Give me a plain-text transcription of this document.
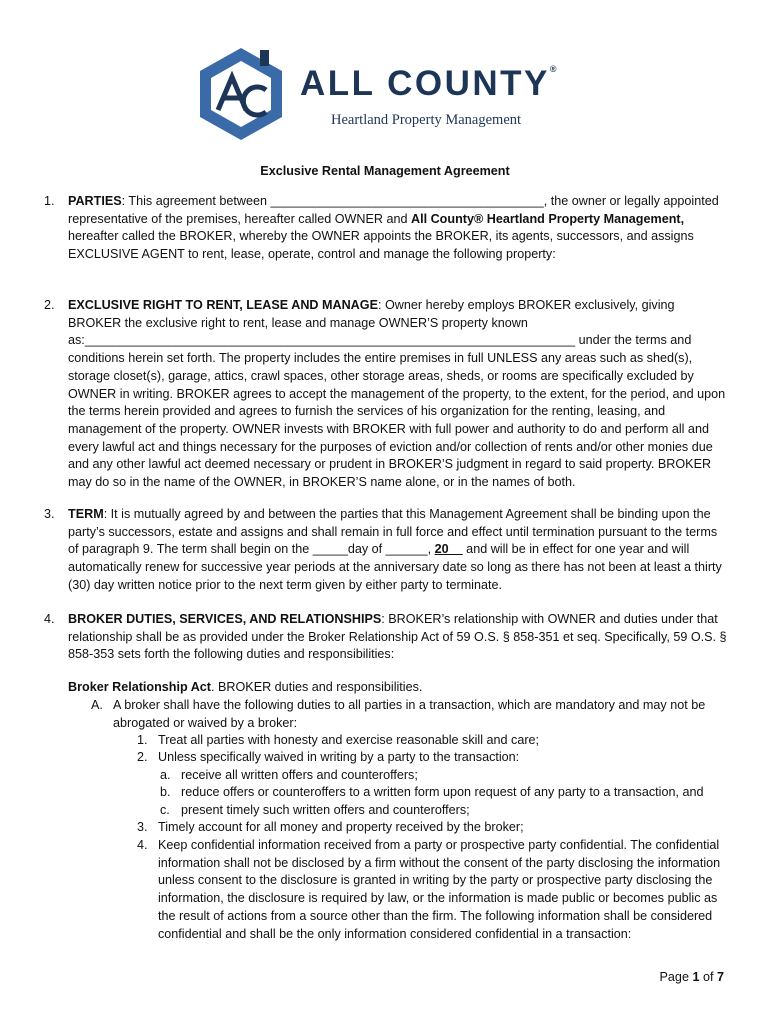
ALL COUNTY®
Heartland Property Management
Exclusive Rental Management Agreement
1. PARTIES: This agreement between _______________________________________, the owner or legally appointed representative of the premises, hereafter called OWNER and All County® Heartland Property Management, hereafter called the BROKER, whereby the OWNER appoints the BROKER, its agents, successors, and assigns EXCLUSIVE AGENT to rent, lease, operate, control and manage the following property:
2. EXCLUSIVE RIGHT TO RENT, LEASE AND MANAGE: Owner hereby employs BROKER exclusively, giving BROKER the exclusive right to rent, lease and manage OWNER’S property known as:______________________________________________________________________ under the terms and conditions herein set forth. The property includes the entire premises in full UNLESS any areas such as shed(s), storage closet(s), garage, attics, crawl spaces, other storage areas, sheds, or rooms are specifically excluded by OWNER in writing. BROKER agrees to accept the management of the property, to the extent, for the period, and upon the terms herein provided and agrees to furnish the services of his organization for the renting, leasing, and management of the property. OWNER invests with BROKER with full power and authority to do and perform all and every lawful act and things necessary for the purposes of eviction and/or collection of rents and/or other monies due and any other lawful act deemed necessary or prudent in BROKER’S judgment in regard to said property. BROKER may do so in the name of the OWNER, in BROKER’S name alone, or in the names of both.
3. TERM: It is mutually agreed by and between the parties that this Management Agreement shall be binding upon the party’s successors, estate and assigns and shall remain in full force and effect until termination pursuant to the terms of paragraph 9. The term shall begin on the _____day of ______, 20__ and will be in effect for one year and will automatically renew for successive year periods at the anniversary date so long as there has not been at least a thirty (30) day written notice prior to the next term given by either party to terminate.
4. BROKER DUTIES, SERVICES, AND RELATIONSHIPS: BROKER’s relationship with OWNER and duties under that relationship shall be as provided under the Broker Relationship Act of 59 O.S. § 858-351 et seq. Specifically, 59 O.S. § 858-353 sets forth the following duties and responsibilities:
Broker Relationship Act. BROKER duties and responsibilities.
A. A broker shall have the following duties to all parties in a transaction, which are mandatory and may not be abrogated or waived by a broker:
1. Treat all parties with honesty and exercise reasonable skill and care;
2. Unless specifically waived in writing by a party to the transaction:
a. receive all written offers and counteroffers;
b. reduce offers or counteroffers to a written form upon request of any party to a transaction, and
c. present timely such written offers and counteroffers;
3. Timely account for all money and property received by the broker;
4. Keep confidential information received from a party or prospective party confidential. The confidential information shall not be disclosed by a firm without the consent of the party disclosing the information unless consent to the disclosure is granted in writing by the party or prospective party disclosing the information, the disclosure is required by law, or the information is made public or becomes public as the result of actions from a source other than the firm. The following information shall be considered confidential and shall be the only information considered confidential in a transaction:
Page 1 of 7
